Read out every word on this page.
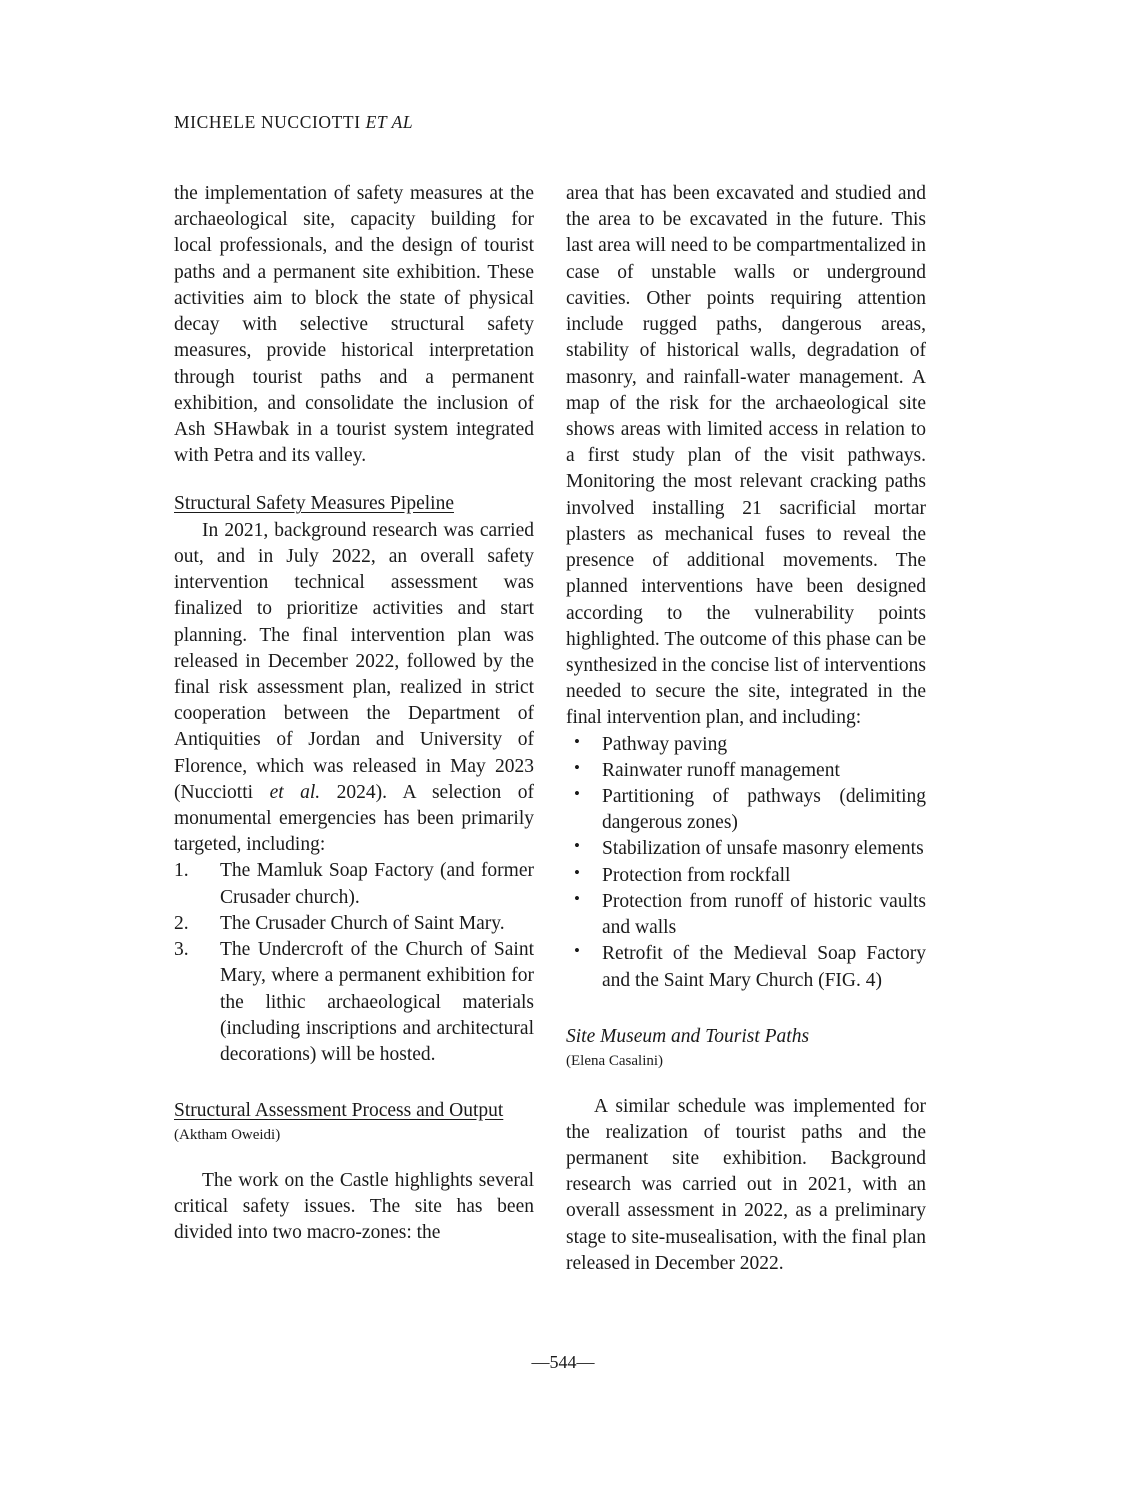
MICHELE NUCCIOTTI ET AL

the implementation of safety measures at the archaeological site, capacity building for local professionals, and the design of tourist paths and a permanent site exhibition. These activities aim to block the state of physical decay with selective structural safety measures, provide historical interpretation through tourist paths and a permanent exhibition, and consolidate the inclusion of Ash SHawbak in a tourist system integrated with Petra and its valley.

Structural Safety Measures Pipeline

In 2021, background research was carried out, and in July 2022, an overall safety intervention technical assessment was finalized to prioritize activities and start planning. The final intervention plan was released in December 2022, followed by the final risk assessment plan, realized in strict cooperation between the Department of Antiquities of Jordan and University of Florence, which was released in May 2023 (Nucciotti et al. 2024). A selection of monumental emergencies has been primarily targeted, including:

1. The Mamluk Soap Factory (and former Crusader church).
2. The Crusader Church of Saint Mary.
3. The Undercroft of the Church of Saint Mary, where a permanent exhibition for the lithic archaeological materials (including inscriptions and architectural decorations) will be hosted.

Structural Assessment Process and Output

(Aktham Oweidi)

The work on the Castle highlights several critical safety issues. The site has been divided into two macro-zones: the

area that has been excavated and studied and the area to be excavated in the future. This last area will need to be compartmentalized in case of unstable walls or underground cavities. Other points requiring attention include rugged paths, dangerous areas, stability of historical walls, degradation of masonry, and rainfall-water management. A map of the risk for the archaeological site shows areas with limited access in relation to a first study plan of the visit pathways. Monitoring the most relevant cracking paths involved installing 21 sacrificial mortar plasters as mechanical fuses to reveal the presence of additional movements. The planned interventions have been designed according to the vulnerability points highlighted. The outcome of this phase can be synthesized in the concise list of interventions needed to secure the site, integrated in the final intervention plan, and including:

• Pathway paving
• Rainwater runoff management
• Partitioning of pathways (delimiting dangerous zones)
• Stabilization of unsafe masonry elements
• Protection from rockfall
• Protection from runoff of historic vaults and walls
• Retrofit of the Medieval Soap Factory and the Saint Mary Church (FIG. 4)

Site Museum and Tourist Paths

(Elena Casalini)

A similar schedule was implemented for the realization of tourist paths and the permanent site exhibition. Background research was carried out in 2021, with an overall assessment in 2022, as a preliminary stage to site-musealisation, with the final plan released in December 2022.

—544—
